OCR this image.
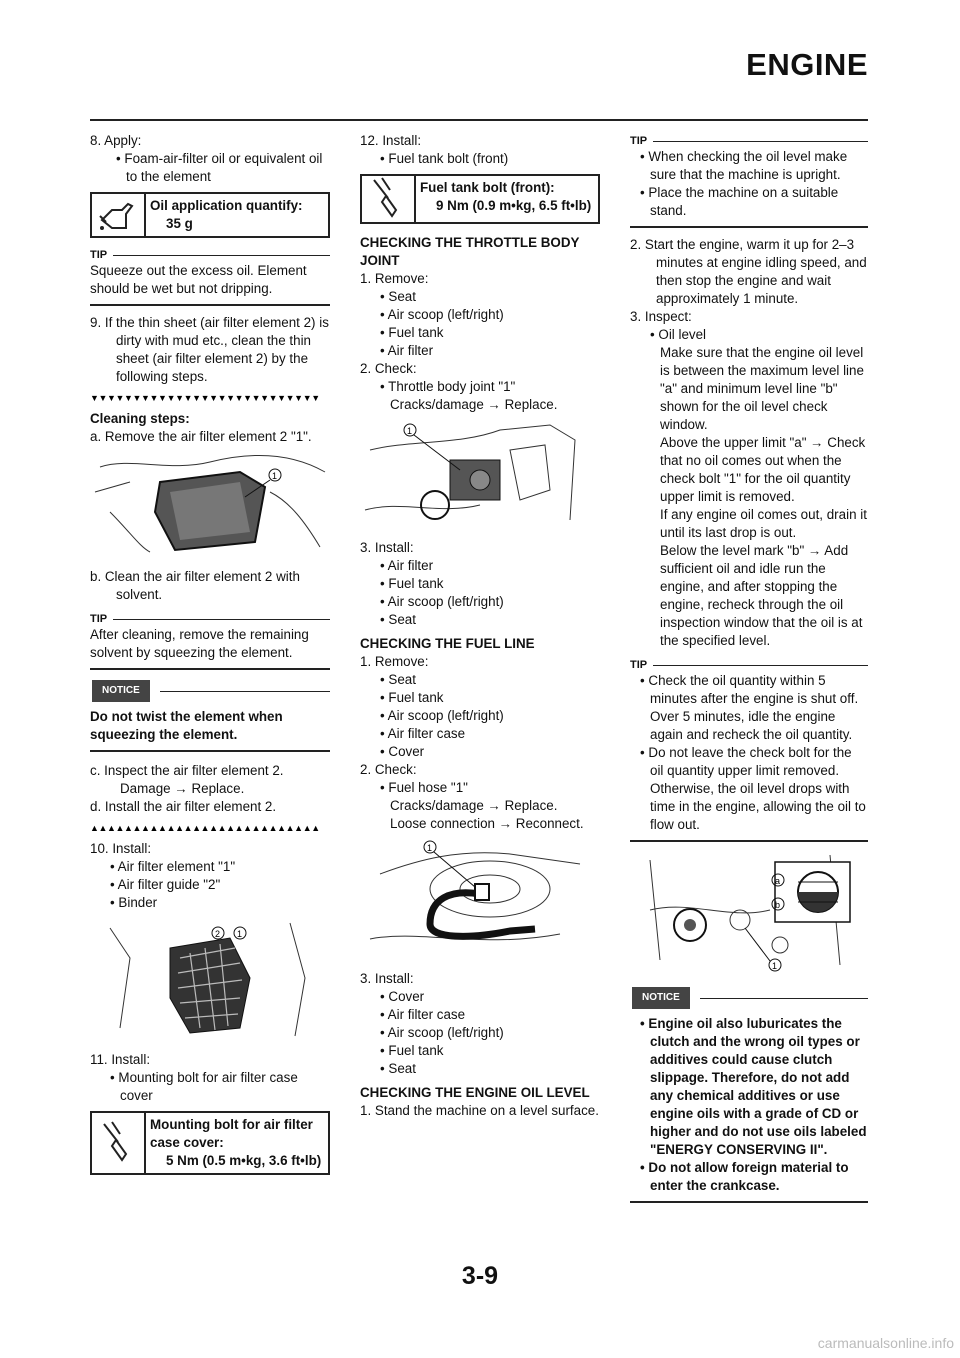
ENGINE

8. Apply:

• Foam-air-filter oil or equivalent oil to the element

Oil application quantify:
35 g
TIP

Squeeze out the excess oil. Element should be wet but not dripping.

9. If the thin sheet (air filter element 2) is dirty with mud etc., clean the thin sheet (air filter element 2) by the following steps.

▼▼▼▼▼▼▼▼▼▼▼▼▼▼▼▼▼▼▼▼▼▼▼▼▼▼▼

Cleaning steps:

a. Remove the air filter element 2 "1".

1

b. Clean the air filter element 2 with solvent.

TIP

After cleaning, remove the remaining solvent by squeezing the element.

NOTICE

Do not twist the element when squeezing the element.

c. Inspect the air filter element 2.

Damage → Replace.

d. Install the air filter element 2.

▲▲▲▲▲▲▲▲▲▲▲▲▲▲▲▲▲▲▲▲▲▲▲▲▲▲▲

10. Install:

• Air filter element "1"

• Air filter guide "2"

• Binder

2 1

11. Install:

• Mounting bolt for air filter case cover

Mounting bolt for air filter case cover:
5 Nm (0.5 m•kg, 3.6 ft•lb)

12. Install:

• Fuel tank bolt (front)

Fuel tank bolt (front):
9 Nm (0.9 m•kg, 6.5 ft•lb)

CHECKING THE THROTTLE BODY JOINT

1. Remove:

• Seat

• Air scoop (left/right)

• Fuel tank

• Air filter

2. Check:

• Throttle body joint "1"

Cracks/damage → Replace.

1

3. Install:

• Air filter

• Fuel tank

• Air scoop (left/right)

• Seat

CHECKING THE FUEL LINE

1. Remove:

• Seat

• Fuel tank

• Air scoop (left/right)

• Air filter case

• Cover

2. Check:

• Fuel hose "1"

Cracks/damage → Replace.

Loose connection → Reconnect.

1

3. Install:

• Cover

• Air filter case

• Air scoop (left/right)

• Fuel tank

• Seat

CHECKING THE ENGINE OIL LEVEL

1. Stand the machine on a level surface.

TIP

• When checking the oil level make sure that the machine is upright.

• Place the machine on a suitable stand.

2. Start the engine, warm it up for 2–3 minutes at engine idling speed, and then stop the engine and wait approximately 1 minute.

3. Inspect:

• Oil level

Make sure that the engine oil level is between the maximum level line "a" and minimum level line "b" shown for the oil level check window.

Above the upper limit "a" → Check that no oil comes out when the check bolt "1" for the oil quantity upper limit is removed.

If any engine oil comes out, drain it until its last drop is out.

Below the level mark "b" → Add sufficient oil and idle run the engine, and after stopping the engine, recheck through the oil inspection window that the oil is at the specified level.

TIP

• Check the oil quantity within 5 minutes after the engine is shut off. Over 5 minutes, idle the engine again and recheck the oil quantity.

• Do not leave the check bolt for the oil quantity upper limit removed. Otherwise, the oil level drops with time in the engine, allowing the oil to flow out.

a
b
1
NOTICE

• Engine oil also luburicates the clutch and the wrong oil types or additives could cause clutch slippage. Therefore, do not add any chemical additives or use engine oils with a grade of CD or higher and do not use oils labeled "ENERGY CONSERVING II".

• Do not allow foreign material to enter the crankcase.

3-9
carmanualsonline.info
